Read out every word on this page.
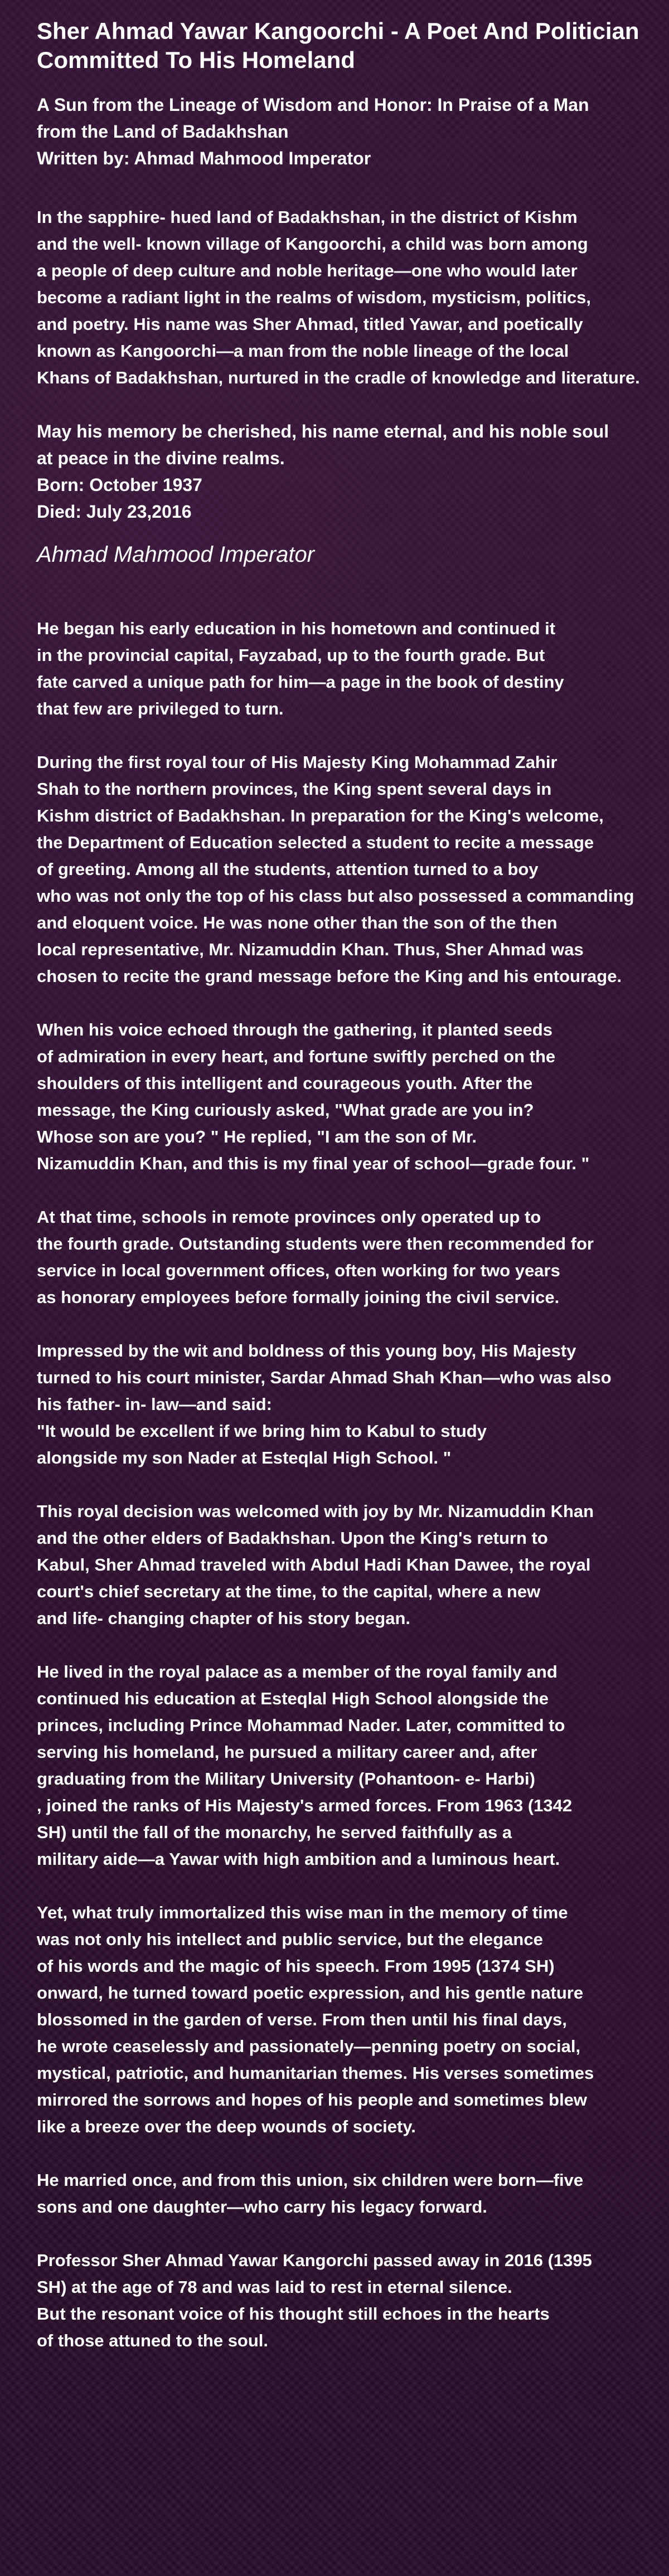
Sher Ahmad Yawar Kangoorchi - A Poet And Politician
Committed To His Homeland
A Sun from the Lineage of Wisdom and Honor: In Praise of a Man
from the Land of Badakhshan
Written by: Ahmad Mahmood Imperator

In the sapphire- hued land of Badakhshan, in the district of Kishm
and the well- known village of Kangoorchi, a child was born among
a people of deep culture and noble heritage—one who would later
become a radiant light in the realms of wisdom, mysticism, politics,
and poetry. His name was Sher Ahmad, titled Yawar, and poetically
known as Kangoorchi—a man from the noble lineage of the local
Khans of Badakhshan, nurtured in the cradle of knowledge and literature.

May his memory be cherished, his name eternal, and his noble soul
at peace in the divine realms.
Born: October 1937
Died: July 23,2016
Ahmad Mahmood Imperator

He began his early education in his hometown and continued it
in the provincial capital, Fayzabad, up to the fourth grade. But
fate carved a unique path for him—a page in the book of destiny
that few are privileged to turn.

During the first royal tour of His Majesty King Mohammad Zahir
Shah to the northern provinces, the King spent several days in
Kishm district of Badakhshan. In preparation for the King's welcome,
the Department of Education selected a student to recite a message
of greeting. Among all the students, attention turned to a boy
who was not only the top of his class but also possessed a commanding
and eloquent voice. He was none other than the son of the then
local representative, Mr. Nizamuddin Khan. Thus, Sher Ahmad was
chosen to recite the grand message before the King and his entourage.

When his voice echoed through the gathering, it planted seeds
of admiration in every heart, and fortune swiftly perched on the
shoulders of this intelligent and courageous youth. After the
message, the King curiously asked, "What grade are you in?
Whose son are you? " He replied, "I am the son of Mr.
Nizamuddin Khan, and this is my final year of school—grade four. "

At that time, schools in remote provinces only operated up to
the fourth grade. Outstanding students were then recommended for
service in local government offices, often working for two years
as honorary employees before formally joining the civil service.

Impressed by the wit and boldness of this young boy, His Majesty
turned to his court minister, Sardar Ahmad Shah Khan—who was also
his father- in- law—and said:
"It would be excellent if we bring him to Kabul to study
alongside my son Nader at Esteqlal High School. "

This royal decision was welcomed with joy by Mr. Nizamuddin Khan
and the other elders of Badakhshan. Upon the King's return to
Kabul, Sher Ahmad traveled with Abdul Hadi Khan Dawee, the royal
court's chief secretary at the time, to the capital, where a new
and life- changing chapter of his story began.

He lived in the royal palace as a member of the royal family and
continued his education at Esteqlal High School alongside the
princes, including Prince Mohammad Nader. Later, committed to
serving his homeland, he pursued a military career and, after
graduating from the Military University (Pohantoon- e- Harbi)
, joined the ranks of His Majesty's armed forces. From 1963 (1342
SH) until the fall of the monarchy, he served faithfully as a
military aide—a Yawar with high ambition and a luminous heart.

Yet, what truly immortalized this wise man in the memory of time
was not only his intellect and public service, but the elegance
of his words and the magic of his speech. From 1995 (1374 SH)
onward, he turned toward poetic expression, and his gentle nature
blossomed in the garden of verse. From then until his final days,
he wrote ceaselessly and passionately—penning poetry on social,
mystical, patriotic, and humanitarian themes. His verses sometimes
mirrored the sorrows and hopes of his people and sometimes blew
like a breeze over the deep wounds of society.

He married once, and from this union, six children were born—five
sons and one daughter—who carry his legacy forward.

Professor Sher Ahmad Yawar Kangorchi passed away in 2016 (1395
SH) at the age of 78 and was laid to rest in eternal silence.
But the resonant voice of his thought still echoes in the hearts
of those attuned to the soul.
